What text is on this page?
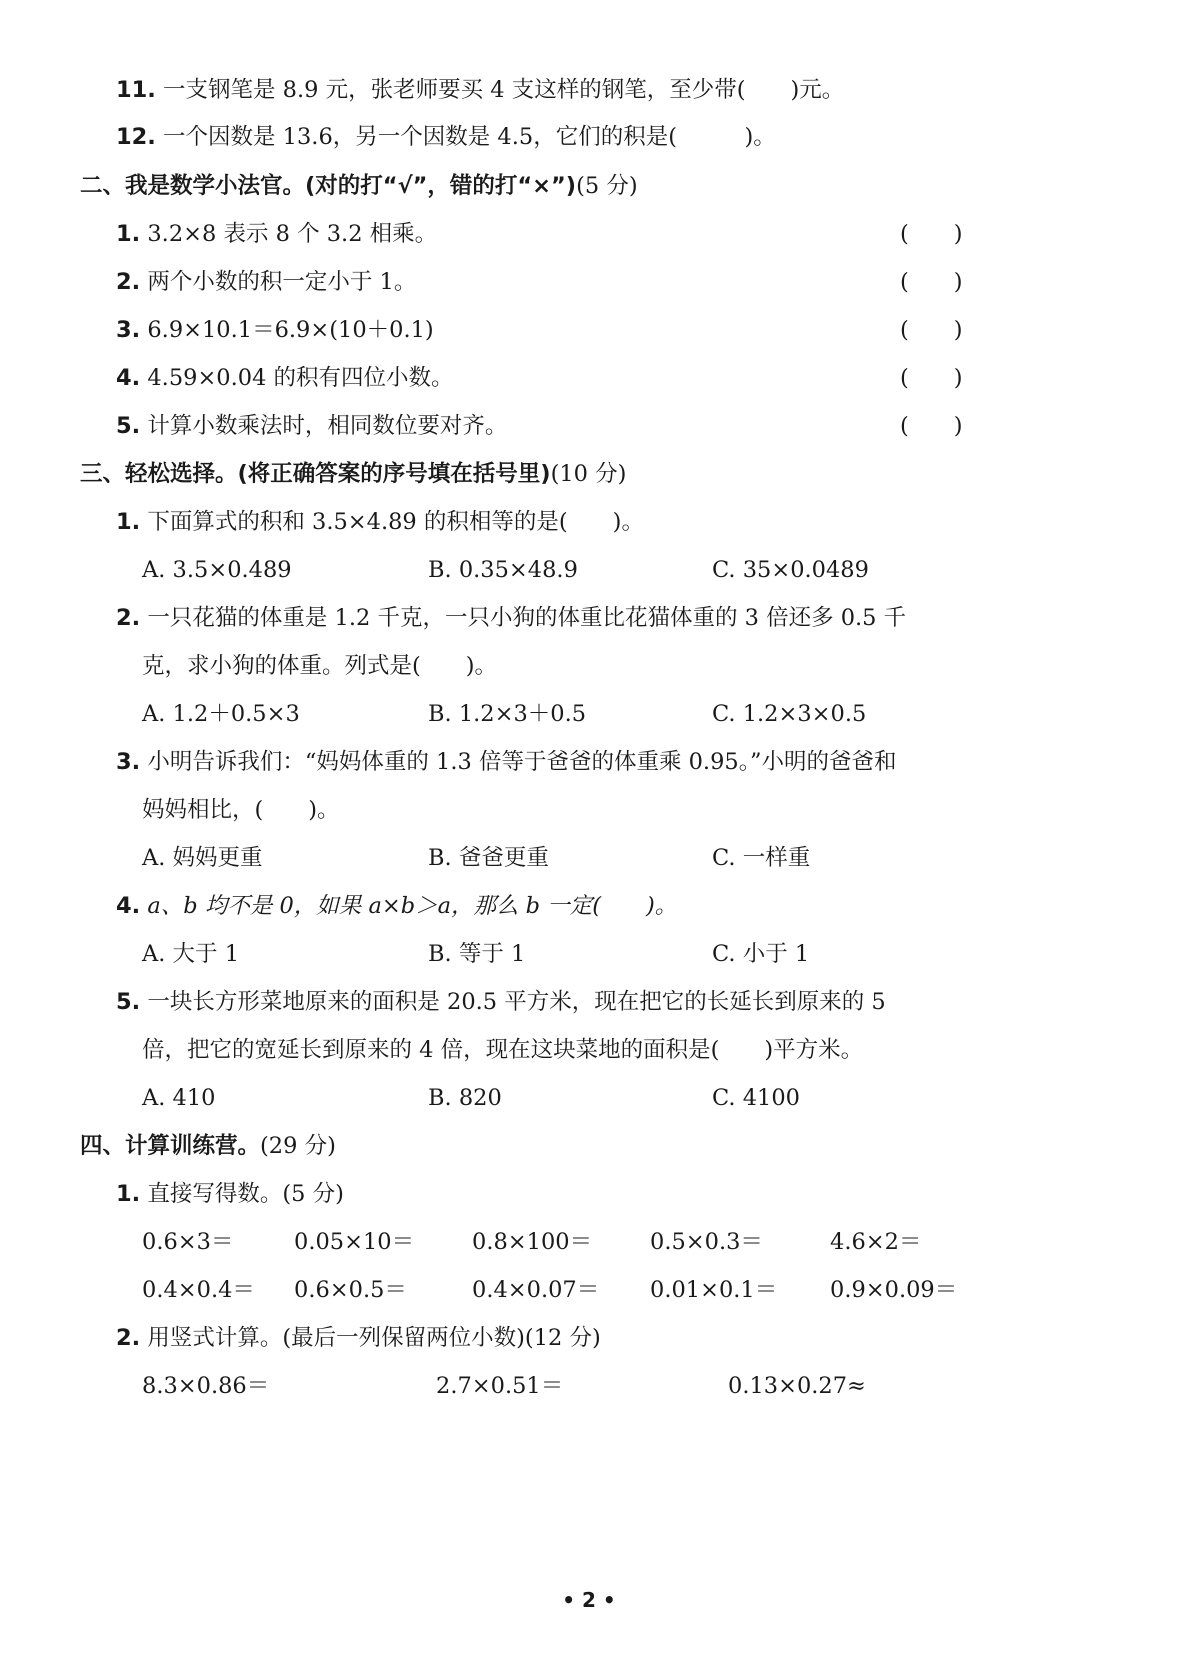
11. 一支钢笔是 8.9 元，张老师要买 4 支这样的钢笔，至少带(　　)元。
12. 一个因数是 13.6，另一个因数是 4.5，它们的积是(　　　)。
二、我是数学小法官。(对的打“√”，错的打“×”)(5 分)
1. 3.2×8 表示 8 个 3.2 相乘。	(　　)
2. 两个小数的积一定小于 1。	(　　)
3. 6.9×10.1＝6.9×(10＋0.1)	(　　)
4. 4.59×0.04 的积有四位小数。	(　　)
5. 计算小数乘法时，相同数位要对齐。	(　　)
三、轻松选择。(将正确答案的序号填在括号里)(10 分)
1. 下面算式的积和 3.5×4.89 的积相等的是(　　)。
A. 3.5×0.489	B. 0.35×48.9	C. 35×0.0489
2. 一只花猫的体重是 1.2 千克，一只小狗的体重比花猫体重的 3 倍还多 0.5 千
克，求小狗的体重。列式是(　　)。
A. 1.2＋0.5×3	B. 1.2×3＋0.5	C. 1.2×3×0.5
3. 小明告诉我们：“妈妈体重的 1.3 倍等于爸爸的体重乘 0.95。”小明的爸爸和
妈妈相比，(　　)。
A. 妈妈更重	B. 爸爸更重	C. 一样重
4. a、b 均不是 0，如果 a×b＞a，那么 b 一定(　　)。
A. 大于 1	B. 等于 1	C. 小于 1
5. 一块长方形菜地原来的面积是 20.5 平方米，现在把它的长延长到原来的 5
倍，把它的宽延长到原来的 4 倍，现在这块菜地的面积是(　　)平方米。
A. 410	B. 820	C. 4100
四、计算训练营。(29 分)
1. 直接写得数。(5 分)
0.6×3＝	0.05×10＝	0.8×100＝	0.5×0.3＝	4.6×2＝
0.4×0.4＝ 0.6×0.5＝	0.4×0.07＝ 0.01×0.1＝ 0.9×0.09＝
2. 用竖式计算。(最后一列保留两位小数)(12 分)
8.3×0.86＝	2.7×0.51＝	0.13×0.27≈
• 2 •
